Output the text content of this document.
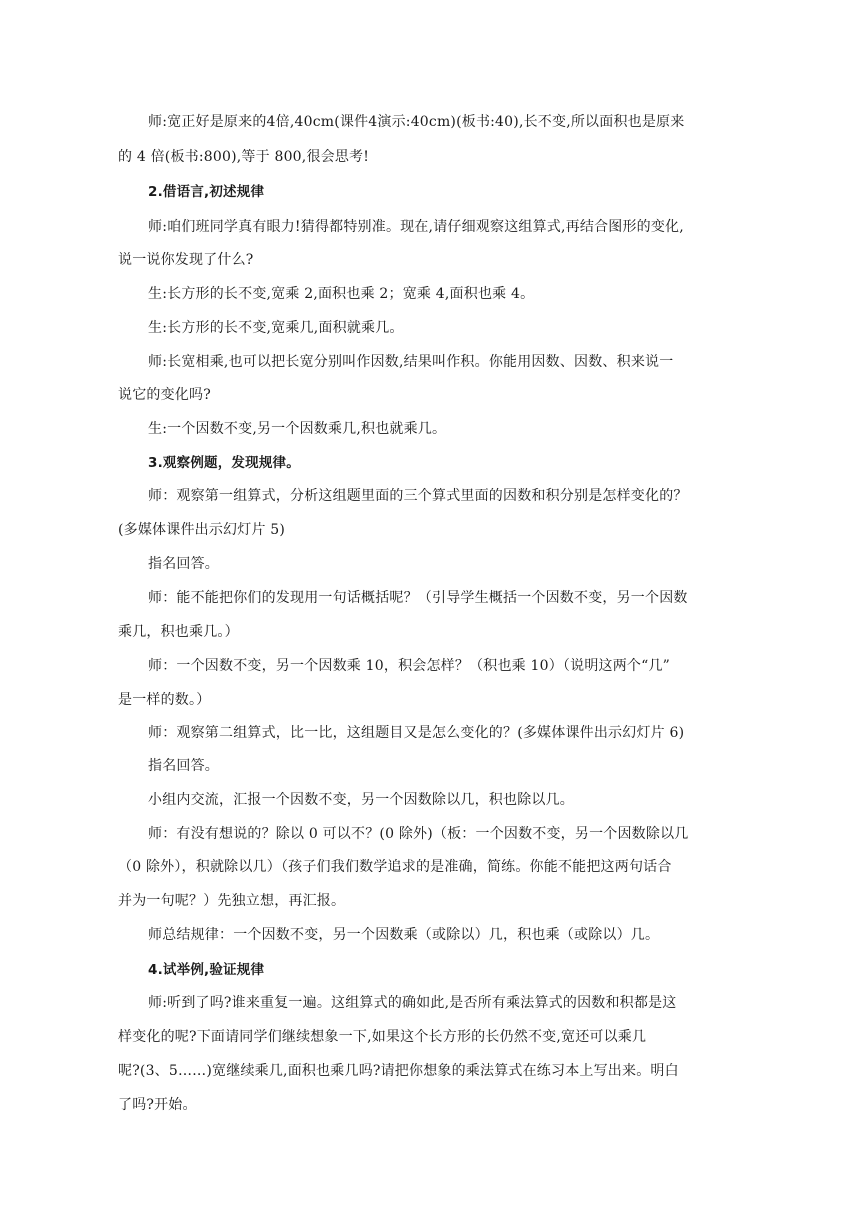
师:宽正好是原来的4倍,40cm(课件4演示:40cm)(板书:40),长不变,所以面积也是原来
的 4 倍(板书:800),等于 800,很会思考!
2.借语言,初述规律
师:咱们班同学真有眼力!猜得都特别准。现在,请仔细观察这组算式,再结合图形的变化,
说一说你发现了什么?
生:长方形的长不变,宽乘 2,面积也乘 2；宽乘 4,面积也乘 4。
生:长方形的长不变,宽乘几,面积就乘几。
师:长宽相乘,也可以把长宽分别叫作因数,结果叫作积。你能用因数、因数、积来说一
说它的变化吗?
生:一个因数不变,另一个因数乘几,积也就乘几。
3.观察例题，发现规律。
师：观察第一组算式，分析这组题里面的三个算式里面的因数和积分别是怎样变化的？
(多媒体课件出示幻灯片 5)
指名回答。
师：能不能把你们的发现用一句话概括呢？（引导学生概括一个因数不变，另一个因数
乘几，积也乘几。）
师：一个因数不变，另一个因数乘 10，积会怎样？（积也乘 10）（说明这两个“几”
是一样的数。）
师：观察第二组算式，比一比，这组题目又是怎么变化的？(多媒体课件出示幻灯片 6)
指名回答。
小组内交流，汇报一个因数不变，另一个因数除以几，积也除以几。
师：有没有想说的？除以 0 可以不？(0 除外)（板：一个因数不变，另一个因数除以几
（0 除外），积就除以几）（孩子们我们数学追求的是准确，简练。你能不能把这两句话合
并为一句呢？）先独立想，再汇报。
师总结规律：一个因数不变，另一个因数乘（或除以）几，积也乘（或除以）几。
4.试举例,验证规律
师:听到了吗?谁来重复一遍。这组算式的确如此,是否所有乘法算式的因数和积都是这
样变化的呢?下面请同学们继续想象一下,如果这个长方形的长仍然不变,宽还可以乘几
呢?(3、5……)宽继续乘几,面积也乘几吗?请把你想象的乘法算式在练习本上写出来。明白
了吗?开始。
